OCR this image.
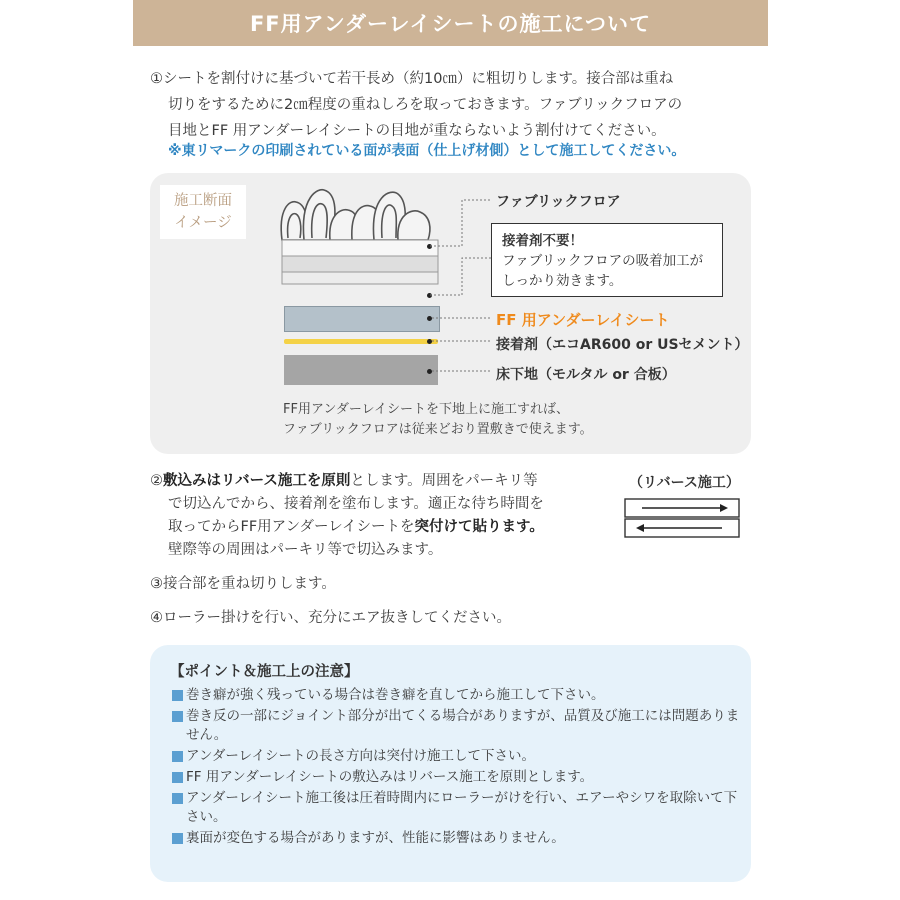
FF用アンダーレイシートの施工について
①シートを割付けに基づいて若干長め（約10㎝）に粗切りします。接合部は重ね
切りをするために2㎝程度の重ねしろを取っておきます。ファブリックフロアの
目地とFF 用アンダーレイシートの目地が重ならないよう割付けてください。
※東リマークの印刷されている面が表面（仕上げ材側）として施工してください。
施工断面
イメージ
ファブリックフロア
接着剤不要！
ファブリックフロアの吸着加工が
しっかり効きます。
FF 用アンダーレイシート
接着剤（エコAR600 or USセメント）
床下地（モルタル or 合板）
FF用アンダーレイシートを下地上に施工すれば、
ファブリックフロアは従来どおり置敷きで使えます。
②敷込みはリバース施工を原則とします。周囲をパーキリ等
で切込んでから、接着剤を塗布します。適正な待ち時間を
取ってからFF用アンダーレイシートを突付けて貼ります。
壁際等の周囲はパーキリ等で切込みます。
（リバース施工）
③接合部を重ね切りします。
④ローラー掛けを行い、充分にエア抜きしてください。
【ポイント＆施工上の注意】
巻き癖が強く残っている場合は巻き癖を直してから施工して下さい。
巻き反の一部にジョイント部分が出てくる場合がありますが、品質及び施工には問題ありません。
アンダーレイシートの長さ方向は突付け施工して下さい。
FF 用アンダーレイシートの敷込みはリバース施工を原則とします。
アンダーレイシート施工後は圧着時間内にローラーがけを行い、エアーやシワを取除いて下さい。
裏面が変色する場合がありますが、性能に影響はありません。
